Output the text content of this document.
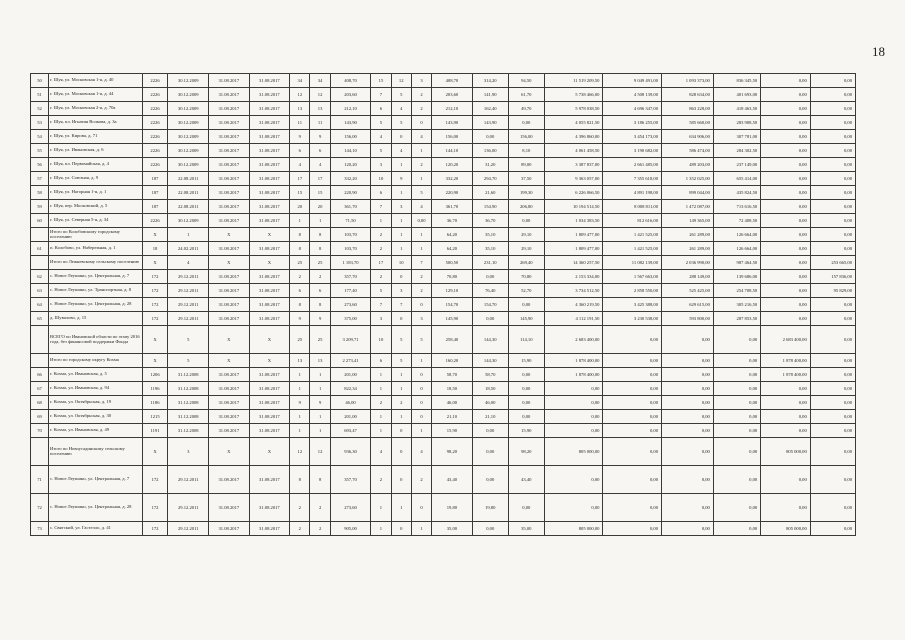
18
50	г. Шуя, ул. Московская 1-я, д. 40	2226	30.12.2009	31.08.2017	31.08.2017	34	34	408,70	15	12	3	408,70	314,20	94,50	11 519 209,50	9 049 491,00	1 093 373,00	836 345,50	0,00	0,00
51	г. Шуя, ул. Московская 1-я, д. 44	2226	30.12.2009	31.08.2017	31.08.2017	12	12	203,60	7	5	2	203,60	141,90	61,70	5 738 466,00	4 508 139,00	828 634,00	401 693,00	0,00	0,00
52	г. Шуя, ул. Московская 2-я, д. 70а	2226	30.12.2009	31.08.2017	31.08.2017	13	13	212,10	6	4	2	212,10	162,40	49,70	5 978 038,50	4 696 347,00	863 228,00	418 463,50	0,00	0,00
53	г. Шуя, пл. Игнатия Волкова, д. 3а	2226	30.12.2009	31.08.2017	31.08.2017	11	11	143,90	5	5	0	143,90	143,90	0,00	4 055 821,50	3 186 255,00	585 660,00	283 908,50	0,00	0,00
54	г. Шуя, ул. Кирова, д. 71	2226	30.12.2009	31.08.2017	31.08.2017	9	9	156,00	4	0	4	156,00	0,00	156,00	4 396 860,00	3 454 173,00	634 906,00	307 781,00	0,00	0,00
55	г. Шуя, ул. Ивановская, д. 6	2226	30.12.2009	31.08.2017	31.08.2017	6	6	144,10	5	4	1	144,10	136,00	8,10	4 061 458,50	3 190 682,00	586 474,00	284 302,50	0,00	0,00
56	г. Шуя, пл. Первомайская, д. 4	2226	30.12.2009	31.08.2017	31.08.2017	4	4	120,20	3	1	2	120,20	31,20	89,00	3 387 837,00	2 661 485,00	489 203,00	237 149,00	0,00	0,00
57	г. Шуя, ул. Союзная, д. 9	187	22.08.2011	31.08.2017	31.08.2017	17	17	332,20	10	9	1	332,20	294,70	37,50	9 363 057,00	7 355 618,00	1 352 025,00	655 414,00	0,00	0,00
58	г. Шуя, ул. Нагорная 1-я, д. 1	187	22.08.2011	31.08.2017	31.08.2017	15	15	220,90	6	1	5	220,90	21,60	199,30	6 226 066,50	4 891 198,00	899 044,00	435 824,50	0,00	0,00
59	г. Шуя, пер. Московский, д. 5	187	22.08.2011	31.08.2017	31.08.2017	20	20	361,70	7	3	4	361,70	154,90	206,80	10 194 514,50	8 008 811,00	1 472 087,00	713 616,50	0,00	0,00
60	г. Шуя, ул. Северная 5-я, д. 34	2226	30.12.2009	31.08.2017	31.08.2017	1	1	71,50	1	1	0,00	36,70	36,70	0,00	1 034 383,50	812 616,00	149 365,00	72 408,50	0,00	0,00
	Итого по Колобовскому городскому поселению	X	1	X	X	8	8	103,70	2	1	1	64,20	35,10	29,10	1 809 477,00	1 421 525,00	261 289,00	126 664,00	0,00	0,00
61	п. Колобово, ул. Набережная, д. 1	18	24.02.2011	31.08.2017	31.08.2017	8	8	103,70	2	1	1	64,20	35,10	29,10	1 809 477,00	1 421 525,00	261 289,00	126 664,00	0,00	0,00
	Итого по Лежневскому сельскому поселению	X	4	X	X	25	25	1 183,70	17	10	7	500,50	231,10	269,40	14 360 257,50	11 082 139,00	2 036 990,00	987 464,50	0,00	253 665,00
62	с. Новое Леушино, ул. Центральная, д. 7	172	29.12.2011	31.08.2017	31.08.2017	2	2	357,70	2	0	2	70,80	0,00	70,80	2 153 334,00	1 567 663,00	288 149,00	139 686,00	0,00	157 836,00
63	с. Новое Леушино, ул. Транспортная, д. 8	172	29.12.2011	31.08.2017	31.08.2017	6	6	177,40	5	3	2	129,10	76,40	52,70	3 734 512,50	2 858 550,00	525 425,00	254 708,50	0,00	95 829,00
64	с. Новое Леушино, ул. Центральная, д. 28	172	29.12.2011	31.08.2017	31.08.2017	8	8	273,60	7	7	0	154,70	154,70	0,00	4 360 219,50	3 425 388,00	629 615,00	305 216,50	0,00	0,00
65	д. Шувалово, д. 15	172	29.12.2011	31.08.2017	31.08.2017	9	9	375,00	3	0	3	145,90	0,00	145,90	4 112 191,50	3 230 538,00	593 800,00	287 853,50	0,00	0,00
	ВСЕГО по Ивановской области по этапу 2016 года, без финансовой поддержки Фонда	X	5	X	X	25	25	3 209,71	10	5	5	258,40	144,30	114,10	2 683 400,00	0,00	0,00	0,00	2 683 400,00	0,00
	Итого по городскому округу Кохма	X	5	X	X	13	13	2 273,41	6	5	1	160,20	144,30	15,90	1 878 400,00	0,00	0,00	0,00	1 878 400,00	0,00
66	г. Кохма, ул. Ивановская, д. 5	1206	31.12.2008	31.08.2017	31.08.2017	1	1	201,00	1	1	0	58,70	58,70	0,00	1 878 400,00	0,00	0,00	0,00	1 878 400,00	0,00
67	г. Кохма, ул. Ивановская, д. 94	1196	31.12.2008	31.08.2017	31.08.2017	1	1	822,34	1	1	0	18,50	18,50	0,00	0,00	0,00	0,00	0,00	0,00	0,00
68	г. Кохма, ул. Октябрьская, д. 19	1186	31.12.2008	31.08.2017	31.08.2017	9	9	46,00	2	2	0	46,00	46,00	0,00	0,00	0,00	0,00	0,00	0,00	0,00
69	г. Кохма, ул. Октябрьская, д. 30	1215	31.12.2008	31.08.2017	31.08.2017	1	1	201,00	1	1	0	21,10	21,10	0,00	0,00	0,00	0,00	0,00	0,00	0,00
70	г. Кохма, ул. Ивановская, д. 49	1191	31.12.2008	31.08.2017	31.08.2017	1	1	693,47	1	0	1	15,90	0,00	15,90	0,00	0,00	0,00	0,00	0,00	0,00
	Итого по Новоусадинскому сельскому поселению	X	3	X	X	12	12	936,30	4	0	4	98,20	0,00	98,20	805 000,00	0,00	0,00	0,00	805 000,00	0,00
71	с. Новое Леушино, ул. Центральная, д. 7	172	29.12.2011	31.08.2017	31.08.2017	8	8	357,70	2	0	2	43,40	0,00	43,40	0,00	0,00	0,00	0,00	0,00	0,00
72	с. Новое Леушино, ул. Центральная, д. 28	172	29.12.2011	31.08.2017	31.08.2017	2	2	273,60	1	1	0	19,80	19,80	0,00	0,00	0,00	0,00	0,00	0,00	0,00
73	с. Святский, ул. Гастелло, д. 41	172	29.12.2011	31.08.2017	31.08.2017	2	2	905,00	1	0	1	35,00	0,00	35,00	805 000,00	0,00	0,00	0,00	805 000,00	0,00
